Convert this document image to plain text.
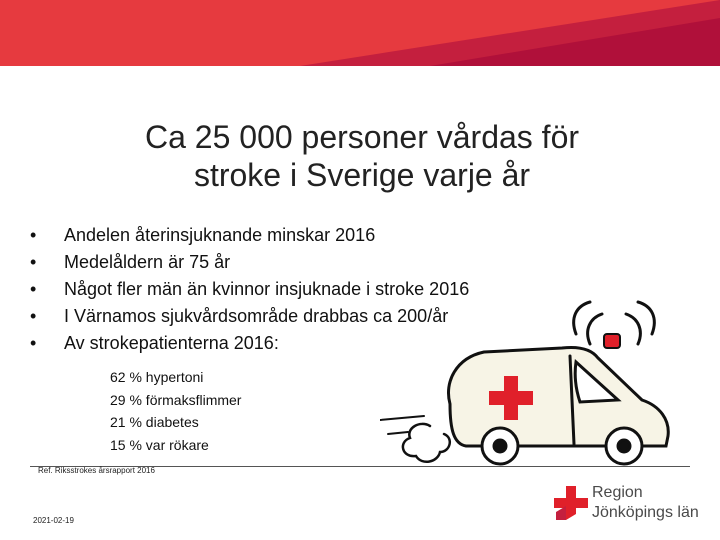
Ca 25 000 personer vårdas för
stroke i Sverige varje år
• Andelen återinsjuknande minskar 2016
• Medelåldern är 75 år
• Något fler män än kvinnor insjuknade i stroke 2016
• I Värnamos sjukvårdsområde drabbas ca 200/år
• Av strokepatienterna 2016:
62 % hypertoni
29 % förmaksflimmer
21 % diabetes
15 % var rökare
Ref. Riksstrokes årsrapport 2016
2021-02-19
Region
Jönköpings län
